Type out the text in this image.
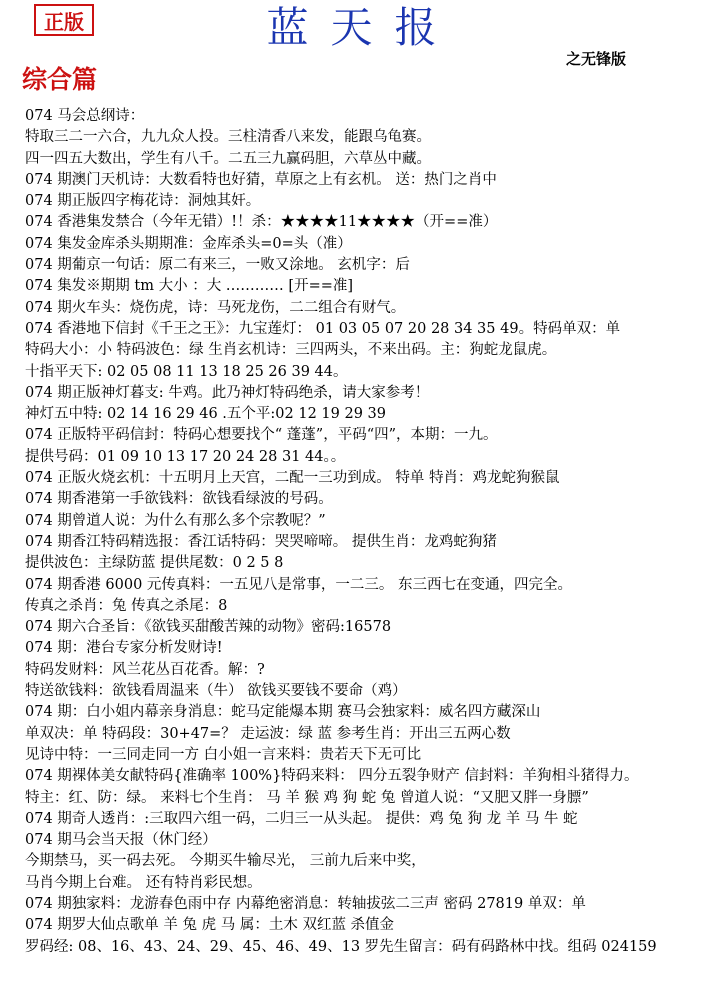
正版	蓝天报
之无锋版
综合篇
074 马会总纲诗：
特取三二一六合，九九众人投。三柱清香八来发，能跟乌龟赛。
四一四五大数出，学生有八千。二五三九赢码胆，六草丛中藏。
074 期澳门天机诗：大数看特也好猜，草原之上有玄机。 送：热门之肖中
074 期正版四字梅花诗：洞烛其奸。
074 香港集发禁合（今年无错）!！杀：★★★★11★★★★（开==准）
074 集发金库杀头期期准：金库杀头=0=头（准）
074 期葡京一句话：原二有来三，一败又涂地。 玄机字：后
074 集发※期期 tm 大小 ：大 ………… [开==准]
074 期火车头：烧伤虎，诗：马死龙伤，二二组合有财气。
074 香港地下信封《千王之王》：九宝莲灯： 01 03 05 07 20 28 34 35 49。特码单双：单
特码大小：小 特码波色：绿 生肖玄机诗：三四两头，不来出码。主：狗蛇龙鼠虎。
十指平天下: 02 05 08 11 13 18 25 26 39 44。
074 期正版神灯暮支: 牛鸡。此乃神灯特码绝杀，请大家参考！
神灯五中特: 02 14 16 29 46 .五个平:02 12 19 29 39
074 正版特平码信封：特码心想要找个“ 蓬蓬”，平码“四”，本期：一九。
提供号码：01 09 10 13 17 20 24 28 31 44。。
074 正版火烧玄机：十五明月上天宫，二配一三功到成。 特单 特肖：鸡龙蛇狗猴鼠
074 期香港第一手欲钱料：欲钱看绿波的号码。
074 期曾道人说：为什么有那么多个宗教呢？”
074 期香江特码精选报：香江话特码：哭哭啼啼。 提供生肖：龙鸡蛇狗猪
提供波色：主绿防蓝 提供尾数：0 2 5 8
074 期香港 6000 元传真料：一五见八是常事，一二三。 东三西七在变通，四完全。
传真之杀肖：兔 传真之杀尾：8
074 期六合圣旨：《欲钱买甜酸苦辣的动物》密码:16578
074 期：港台专家分析发财诗!
特码发财料：风兰花丛百花香。解：?
特送欲钱料：欲钱看周温来（牛） 欲钱买要钱不要命（鸡）
074 期：白小姐内幕亲身消息：蛇马定能爆本期 赛马会独家料：威名四方藏深山
单双决：单 特码段：30+47=？ 走运波：绿 蓝 参考生肖：开出三五两心数
见诗中特：一三同走同一方 白小姐一言来料：贵若天下无可比
074 期裸体美女献特码{准确率 100%}特码来料： 四分五裂争财产 信封料：羊狗相斗猪得力。
特主：红、防：绿。 来料七个生肖： 马 羊 猴 鸡 狗 蛇 兔 曾道人说：“又肥又胖一身膘”
074 期奇人透肖：:三取四六组一码，二归三一从头起。 提供：鸡 兔 狗 龙 羊 马 牛 蛇
074 期马会当天报（休门经）
今期禁马，买一码去死。 今期买牛输尽光， 三前九后来中奖，
马肖今期上台难。 还有特肖彩民想。
074 期独家料：龙游春色雨中存 内幕绝密消息：转轴拔弦二三声 密码 27819 单双：单
074 期罗大仙点歌单 羊 兔 虎 马 属：土木 双红蓝 杀值金
罗码经: 08、16、43、24、29、45、46、49、13 罗先生留言：码有码路林中找。组码 024159
